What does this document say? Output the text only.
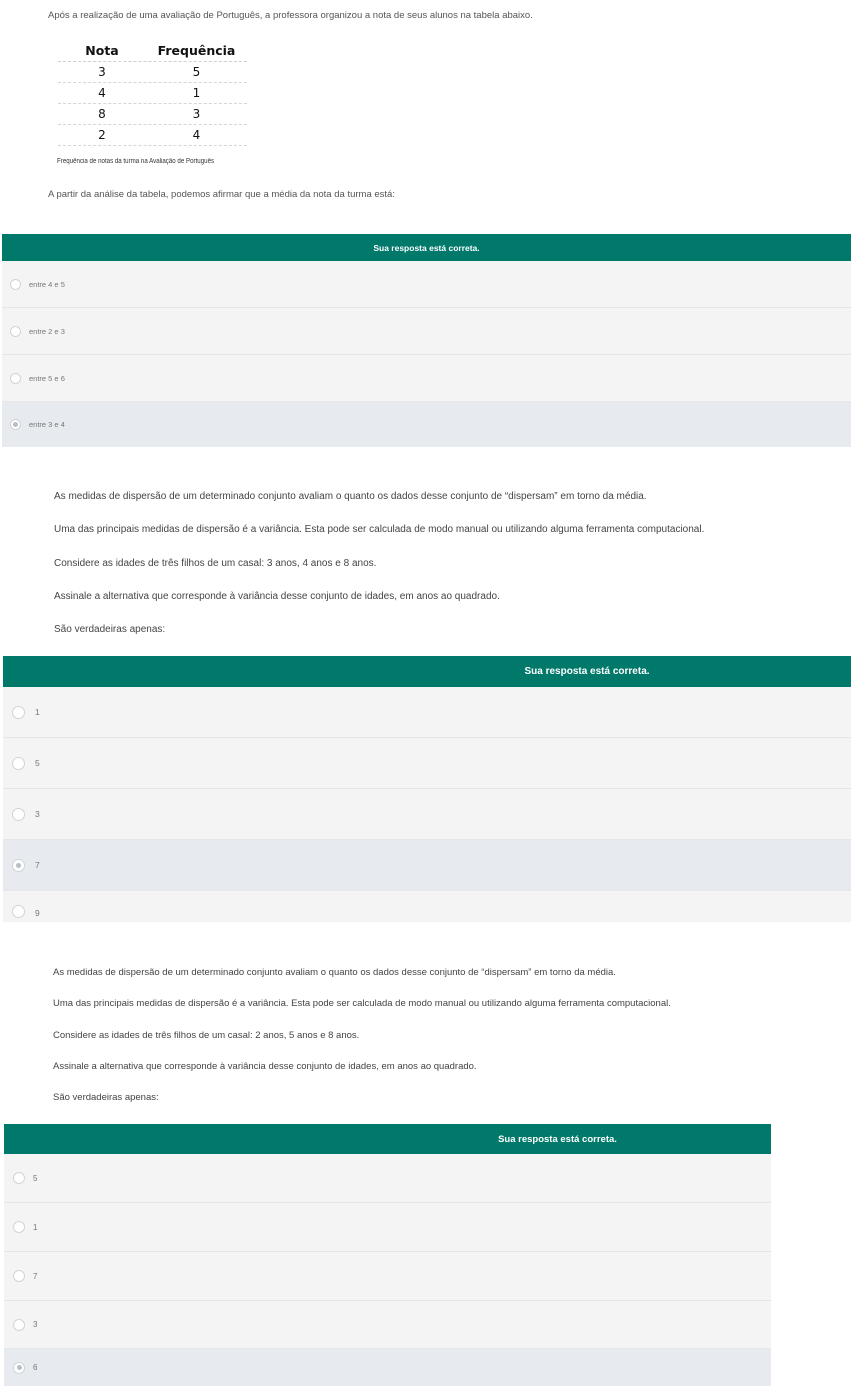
Após a realização de uma avaliação de Português, a professora organizou a nota de seus alunos na tabela abaixo.

Nota	Frequência
3	5
4	1
8	3
2	4

Frequência de notas da turma na Avaliação de Português

A partir da análise da tabela, podemos afirmar que a média da nota da turma está:

Sua resposta está correta.
entre 4 e 5
entre 2 e 3
entre 5 e 6
entre 3 e 4

As medidas de dispersão de um determinado conjunto avaliam o quanto os dados desse conjunto de “dispersam” em torno da média.

Uma das principais medidas de dispersão é a variância. Esta pode ser calculada de modo manual ou utilizando alguma ferramenta computacional.

Considere as idades de três filhos de um casal: 3 anos, 4 anos e 8 anos.

Assinale a alternativa que corresponde à variância desse conjunto de idades, em anos ao quadrado.

São verdadeiras apenas:

Sua resposta está correta.
1
5
3
7
9

As medidas de dispersão de um determinado conjunto avaliam o quanto os dados desse conjunto de “dispersam” em torno da média.

Uma das principais medidas de dispersão é a variância. Esta pode ser calculada de modo manual ou utilizando alguma ferramenta computacional.

Considere as idades de três filhos de um casal: 2 anos, 5 anos e 8 anos.

Assinale a alternativa que corresponde à variância desse conjunto de idades, em anos ao quadrado.

São verdadeiras apenas:

Sua resposta está correta.
5
1
7
3
6
